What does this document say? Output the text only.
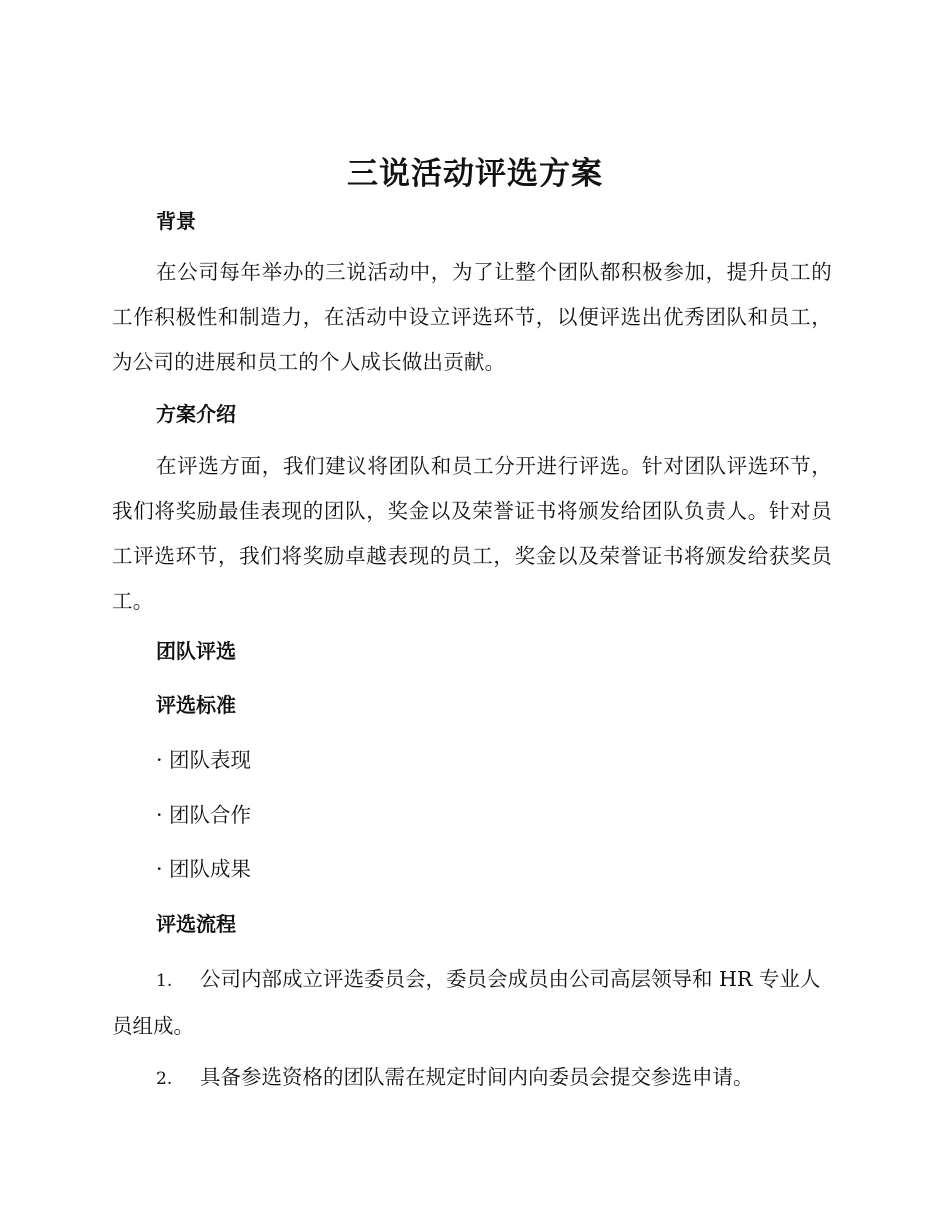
三说活动评选方案
背景

在公司每年举办的三说活动中，为了让整个团队都积极参加，提升员工的工作积极性和制造力，在活动中设立评选环节，以便评选出优秀团队和员工，为公司的进展和员工的个人成长做出贡献。

方案介绍

在评选方面，我们建议将团队和员工分开进行评选。针对团队评选环节，我们将奖励最佳表现的团队，奖金以及荣誉证书将颁发给团队负责人。针对员工评选环节，我们将奖励卓越表现的员工，奖金以及荣誉证书将颁发给获奖员工。

团队评选
评选标准

· 团队表现

· 团队合作

· 团队成果

评选流程

1. 公司内部成立评选委员会，委员会成员由公司高层领导和 HR 专业人员组成。

2. 具备参选资格的团队需在规定时间内向委员会提交参选申请。
